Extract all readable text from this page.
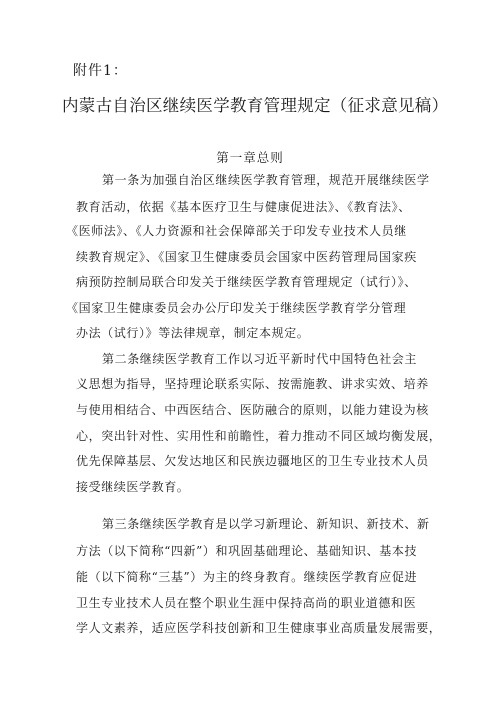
附件1：
内蒙古自治区继续医学教育管理规定（征求意见稿）
第一章总则
第一条为加强自治区继续医学教育管理，规范开展继续医学
教育活动，依据《基本医疗卫生与健康促进法》、《教育法》、
《医师法》、《人力资源和社会保障部关于印发专业技术人员继
续教育规定》、《国家卫生健康委员会国家中医药管理局国家疾
病预防控制局联合印发关于继续医学教育管理规定（试行）》、
《国家卫生健康委员会办公厅印发关于继续医学教育学分管理
办法（试行）》等法律规章，制定本规定。
第二条继续医学教育工作以习近平新时代中国特色社会主
义思想为指导，坚持理论联系实际、按需施教、讲求实效、培养
与使用相结合、中西医结合、医防融合的原则，以能力建设为核
心，突出针对性、实用性和前瞻性，着力推动不同区域均衡发展，
优先保障基层、欠发达地区和民族边疆地区的卫生专业技术人员
接受继续医学教育。
第三条继续医学教育是以学习新理论、新知识、新技术、新
方法（以下简称“四新”）和巩固基础理论、基础知识、基本技
能（以下简称“三基”）为主的终身教育。继续医学教育应促进
卫生专业技术人员在整个职业生涯中保持高尚的职业道德和医
学人文素养，适应医学科技创新和卫生健康事业高质量发展需要，
